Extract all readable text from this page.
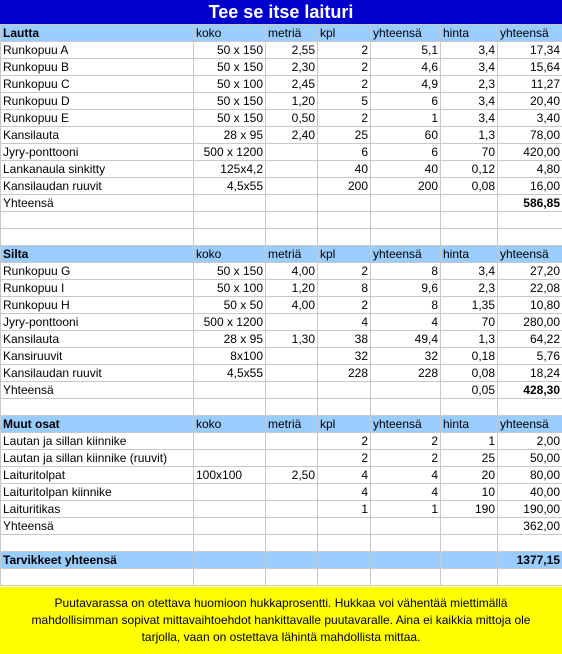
Tee se itse laituri
Lautta	koko	metriä	kpl	yhteensä	hinta	yhteensä
Runkopuu A	50 x 150	2,55	2	5,1	3,4	17,34
Runkopuu B	50 x 150	2,30	2	4,6	3,4	15,64
Runkopuu C	50 x 100	2,45	2	4,9	2,3	11,27
Runkopuu D	50 x 150	1,20	5	6	3,4	20,40
Runkopuu E	50 x 150	0,50	2	1	3,4	3,40
Kansilauta	28 x 95	2,40	25	60	1,3	78,00
Jyry-ponttooni	500 x 1200		6	6	70	420,00
Lankanaula sinkitty	125x4,2		40	40	0,12	4,80
Kansilaudan ruuvit	4,5x55		200	200	0,08	16,00
Yhteensä						586,85

Silta	koko	metriä	kpl	yhteensä	hinta	yhteensä
Runkopuu G	50 x 150	4,00	2	8	3,4	27,20
Runkopuu I	50 x 100	1,20	8	9,6	2,3	22,08
Runkopuu H	50 x 50	4,00	2	8	1,35	10,80
Jyry-ponttooni	500 x 1200		4	4	70	280,00
Kansilauta	28 x 95	1,30	38	49,4	1,3	64,22
Kansiruuvit	8x100		32	32	0,18	5,76
Kansilaudan ruuvit	4,5x55		228	228	0,08	18,24
Yhteensä					0,05	428,30

Muut osat	koko	metriä	kpl	yhteensä	hinta	yhteensä
Lautan ja sillan kiinnike			2	2	1	2,00
Lautan ja sillan kiinnike (ruuvit)			2	2	25	50,00
Laituritolpat	100x100	2,50	4	4	20	80,00
Laituritolpan kiinnike			4	4	10	40,00
Laituritikas			1	1	190	190,00
Yhteensä						362,00

Tarvikkeet yhteensä						1377,15

Puutavarassa on otettava huomioon hukkaprosentti. Hukkaa voi vähentää miettimällä mahdollisimman sopivat mittavaihtoehdot hankittavalle puutavaralle. Aina ei kaikkia mittoja ole tarjolla, vaan on ostettava lähintä mahdollista mittaa.
